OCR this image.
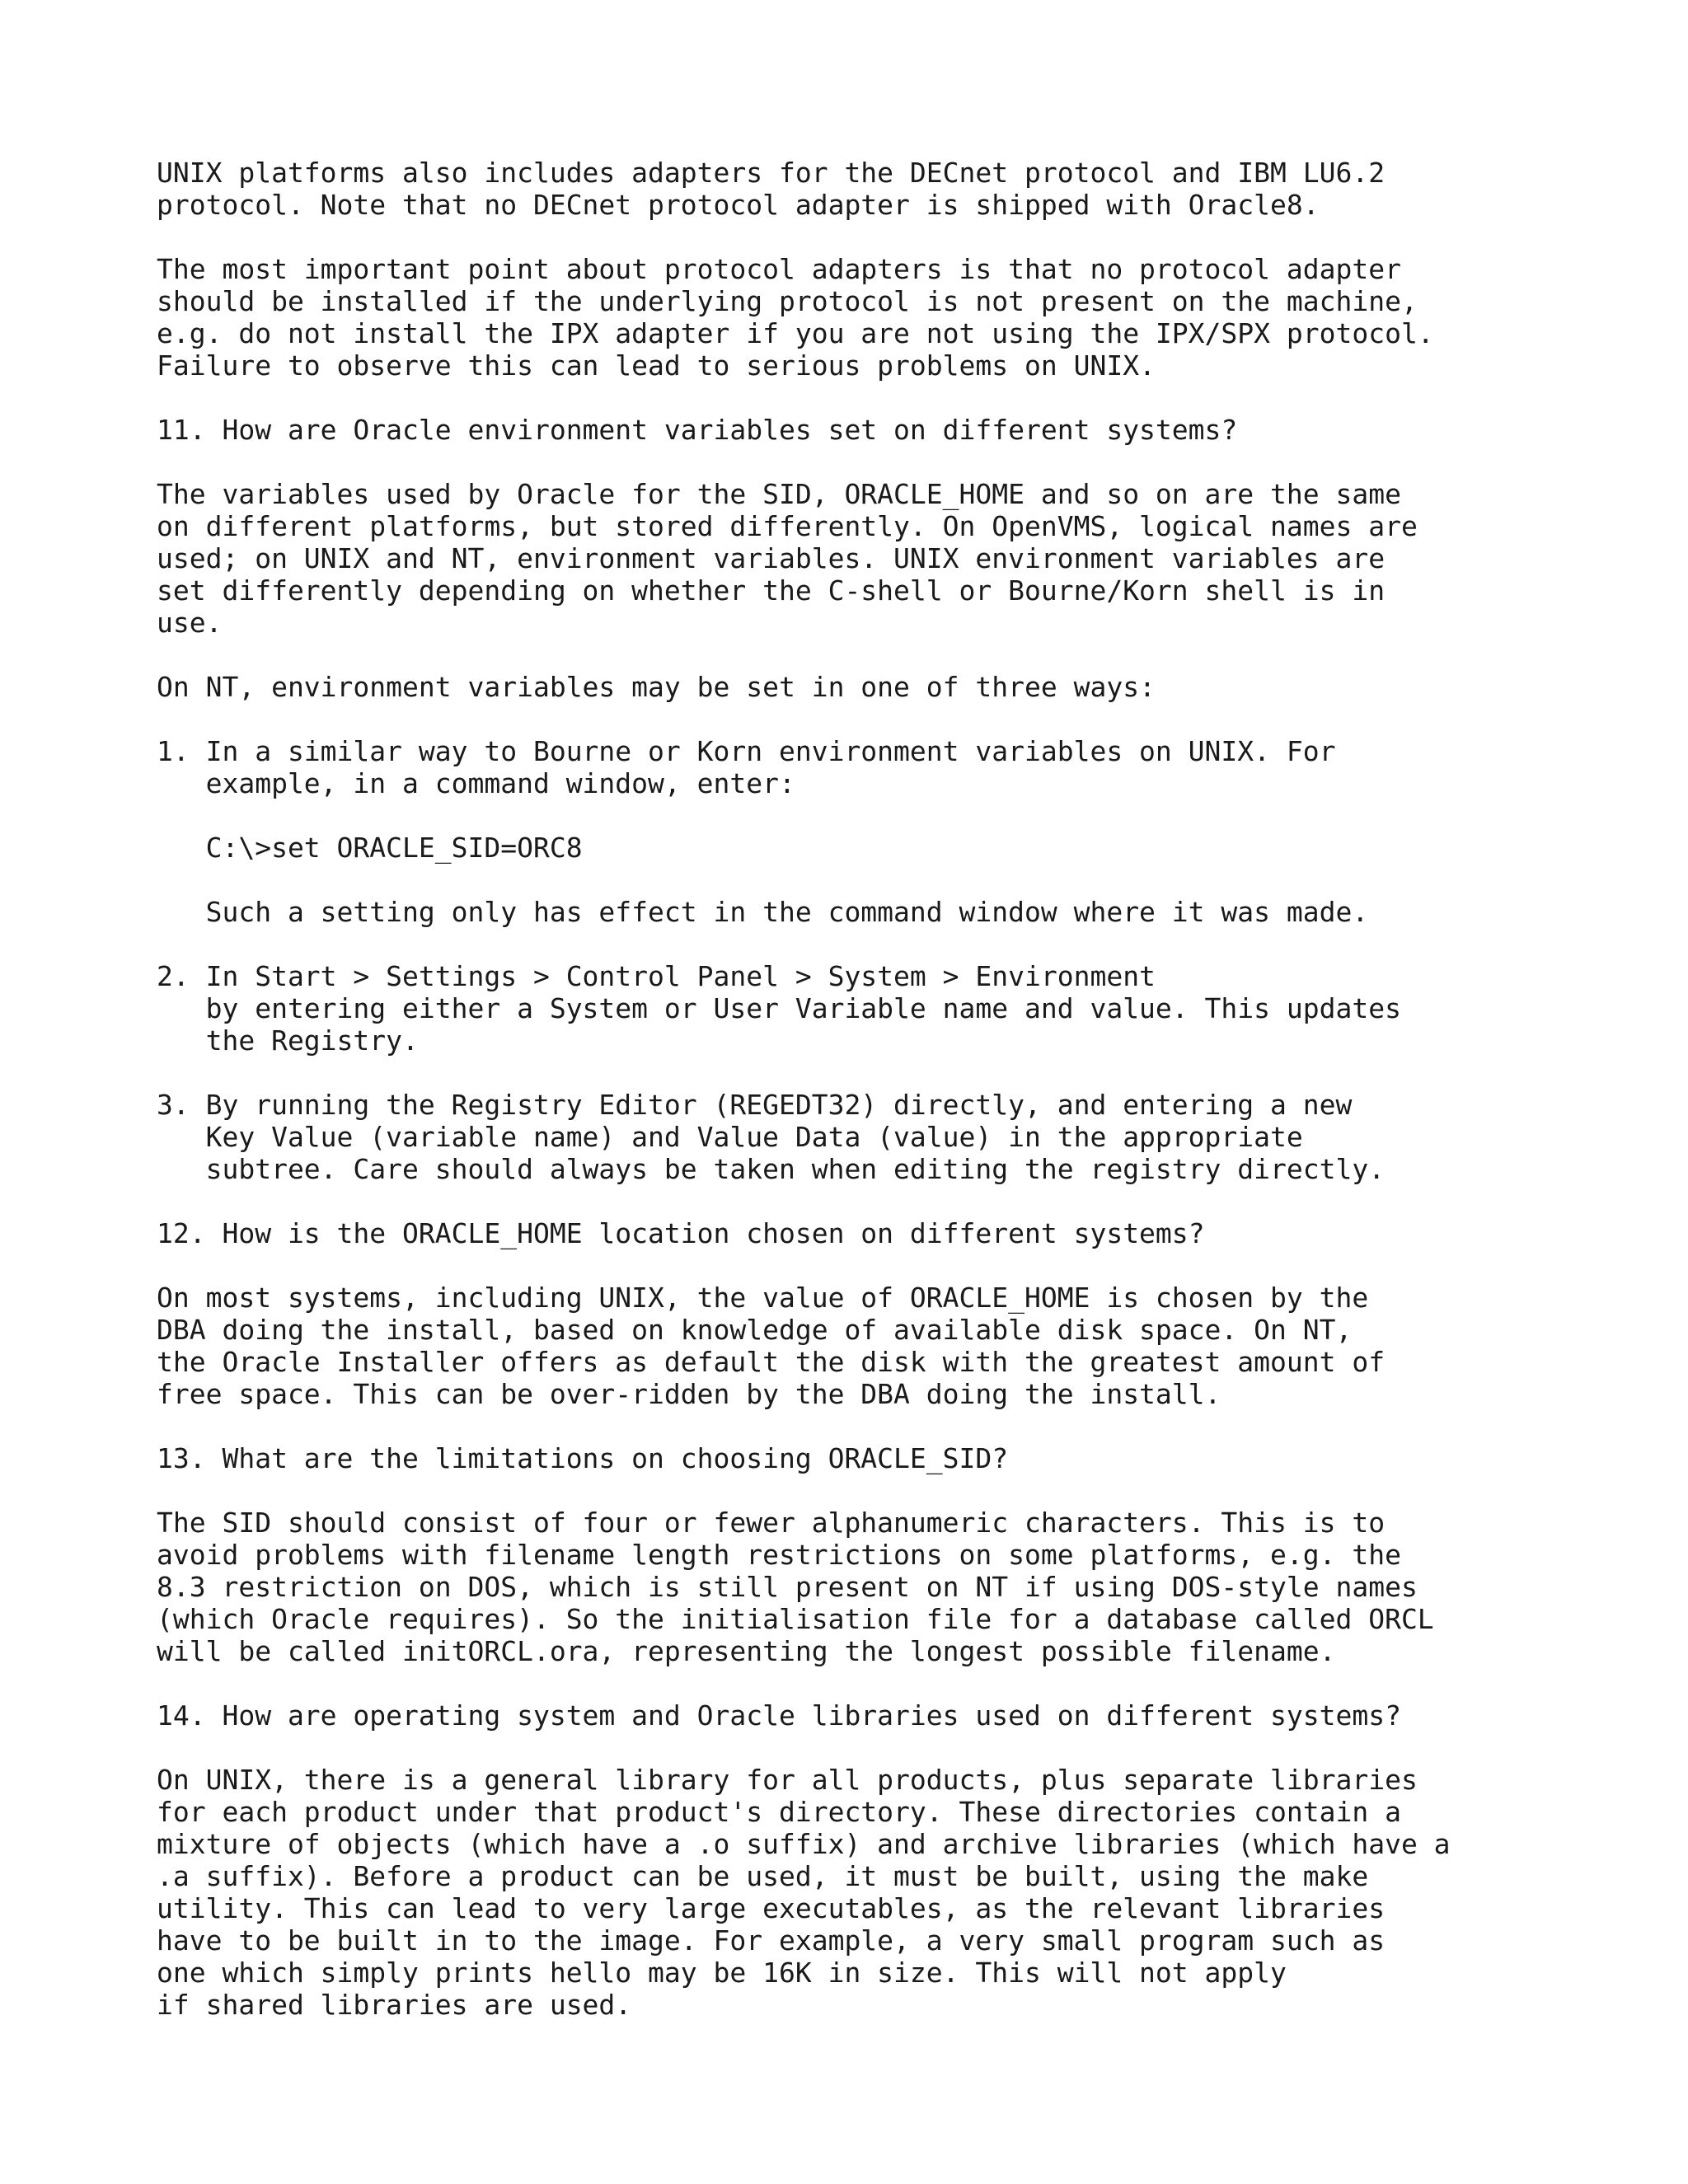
UNIX platforms also includes adapters for the DECnet protocol and IBM LU6.2
protocol. Note that no DECnet protocol adapter is shipped with Oracle8.

The most important point about protocol adapters is that no protocol adapter
should be installed if the underlying protocol is not present on the machine,
e.g. do not install the IPX adapter if you are not using the IPX/SPX protocol.
Failure to observe this can lead to serious problems on UNIX.

11. How are Oracle environment variables set on different systems?

The variables used by Oracle for the SID, ORACLE_HOME and so on are the same
on different platforms, but stored differently. On OpenVMS, logical names are
used; on UNIX and NT, environment variables. UNIX environment variables are
set differently depending on whether the C-shell or Bourne/Korn shell is in
use.

On NT, environment variables may be set in one of three ways:

1. In a similar way to Bourne or Korn environment variables on UNIX. For
example, in a command window, enter:

C:\>set ORACLE_SID=ORC8

Such a setting only has effect in the command window where it was made.

2. In Start > Settings > Control Panel > System > Environment
by entering either a System or User Variable name and value. This updates
the Registry.

3. By running the Registry Editor (REGEDT32) directly, and entering a new
Key Value (variable name) and Value Data (value) in the appropriate
subtree. Care should always be taken when editing the registry directly.

12. How is the ORACLE_HOME location chosen on different systems?

On most systems, including UNIX, the value of ORACLE_HOME is chosen by the
DBA doing the install, based on knowledge of available disk space. On NT,
the Oracle Installer offers as default the disk with the greatest amount of
free space. This can be over-ridden by the DBA doing the install.

13. What are the limitations on choosing ORACLE_SID?

The SID should consist of four or fewer alphanumeric characters. This is to
avoid problems with filename length restrictions on some platforms, e.g. the
8.3 restriction on DOS, which is still present on NT if using DOS-style names
(which Oracle requires). So the initialisation file for a database called ORCL
will be called initORCL.ora, representing the longest possible filename.

14. How are operating system and Oracle libraries used on different systems?

On UNIX, there is a general library for all products, plus separate libraries
for each product under that product's directory. These directories contain a
mixture of objects (which have a .o suffix) and archive libraries (which have a
.a suffix). Before a product can be used, it must be built, using the make
utility. This can lead to very large executables, as the relevant libraries
have to be built in to the image. For example, a very small program such as
one which simply prints hello may be 16K in size. This will not apply
if shared libraries are used.
